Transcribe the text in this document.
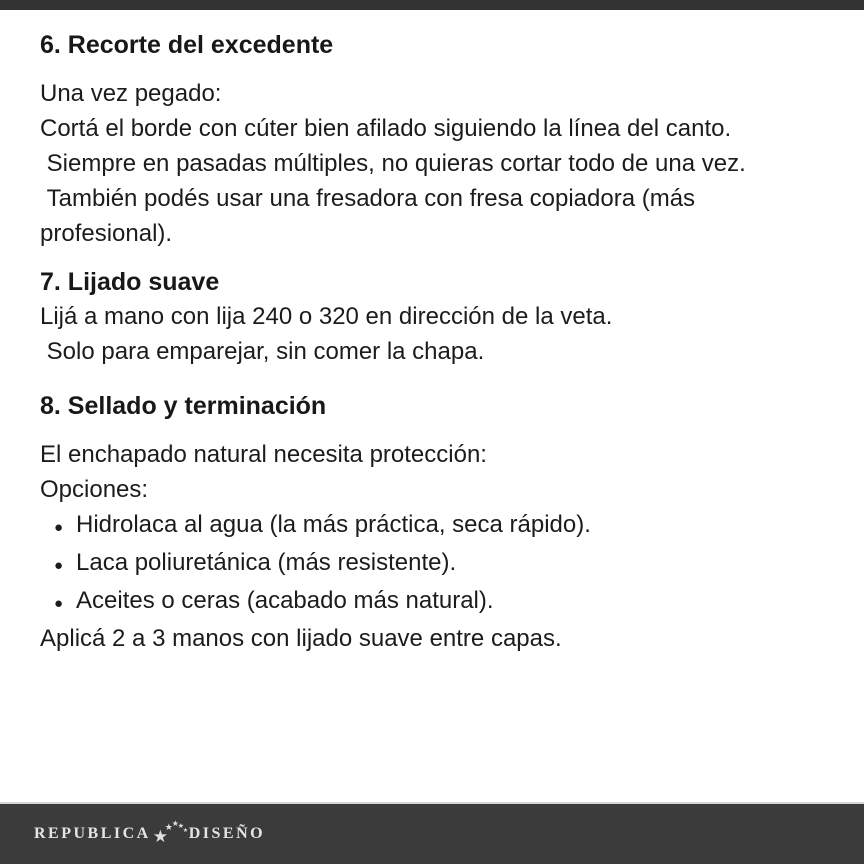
6. Recorte del excedente
Una vez pegado:
Cortá el borde con cúter bien afilado siguiendo la línea del canto.
Siempre en pasadas múltiples, no quieras cortar todo de una vez.
También podés usar una fresadora con fresa copiadora (más
profesional).
7. Lijado suave
Lijá a mano con lija 240 o 320 en dirección de la veta.
Solo para emparejar, sin comer la chapa.
8. Sellado y terminación
El enchapado natural necesita protección:
Opciones:
● Hidrolaca al agua (la más práctica, seca rápido).
● Laca poliuretánica (más resistente).
● Aceites o ceras (acabado más natural).
Aplicá 2 a 3 manos con lijado suave entre capas.
REPUBLICA ★
★
★
★
★ DISEÑO
